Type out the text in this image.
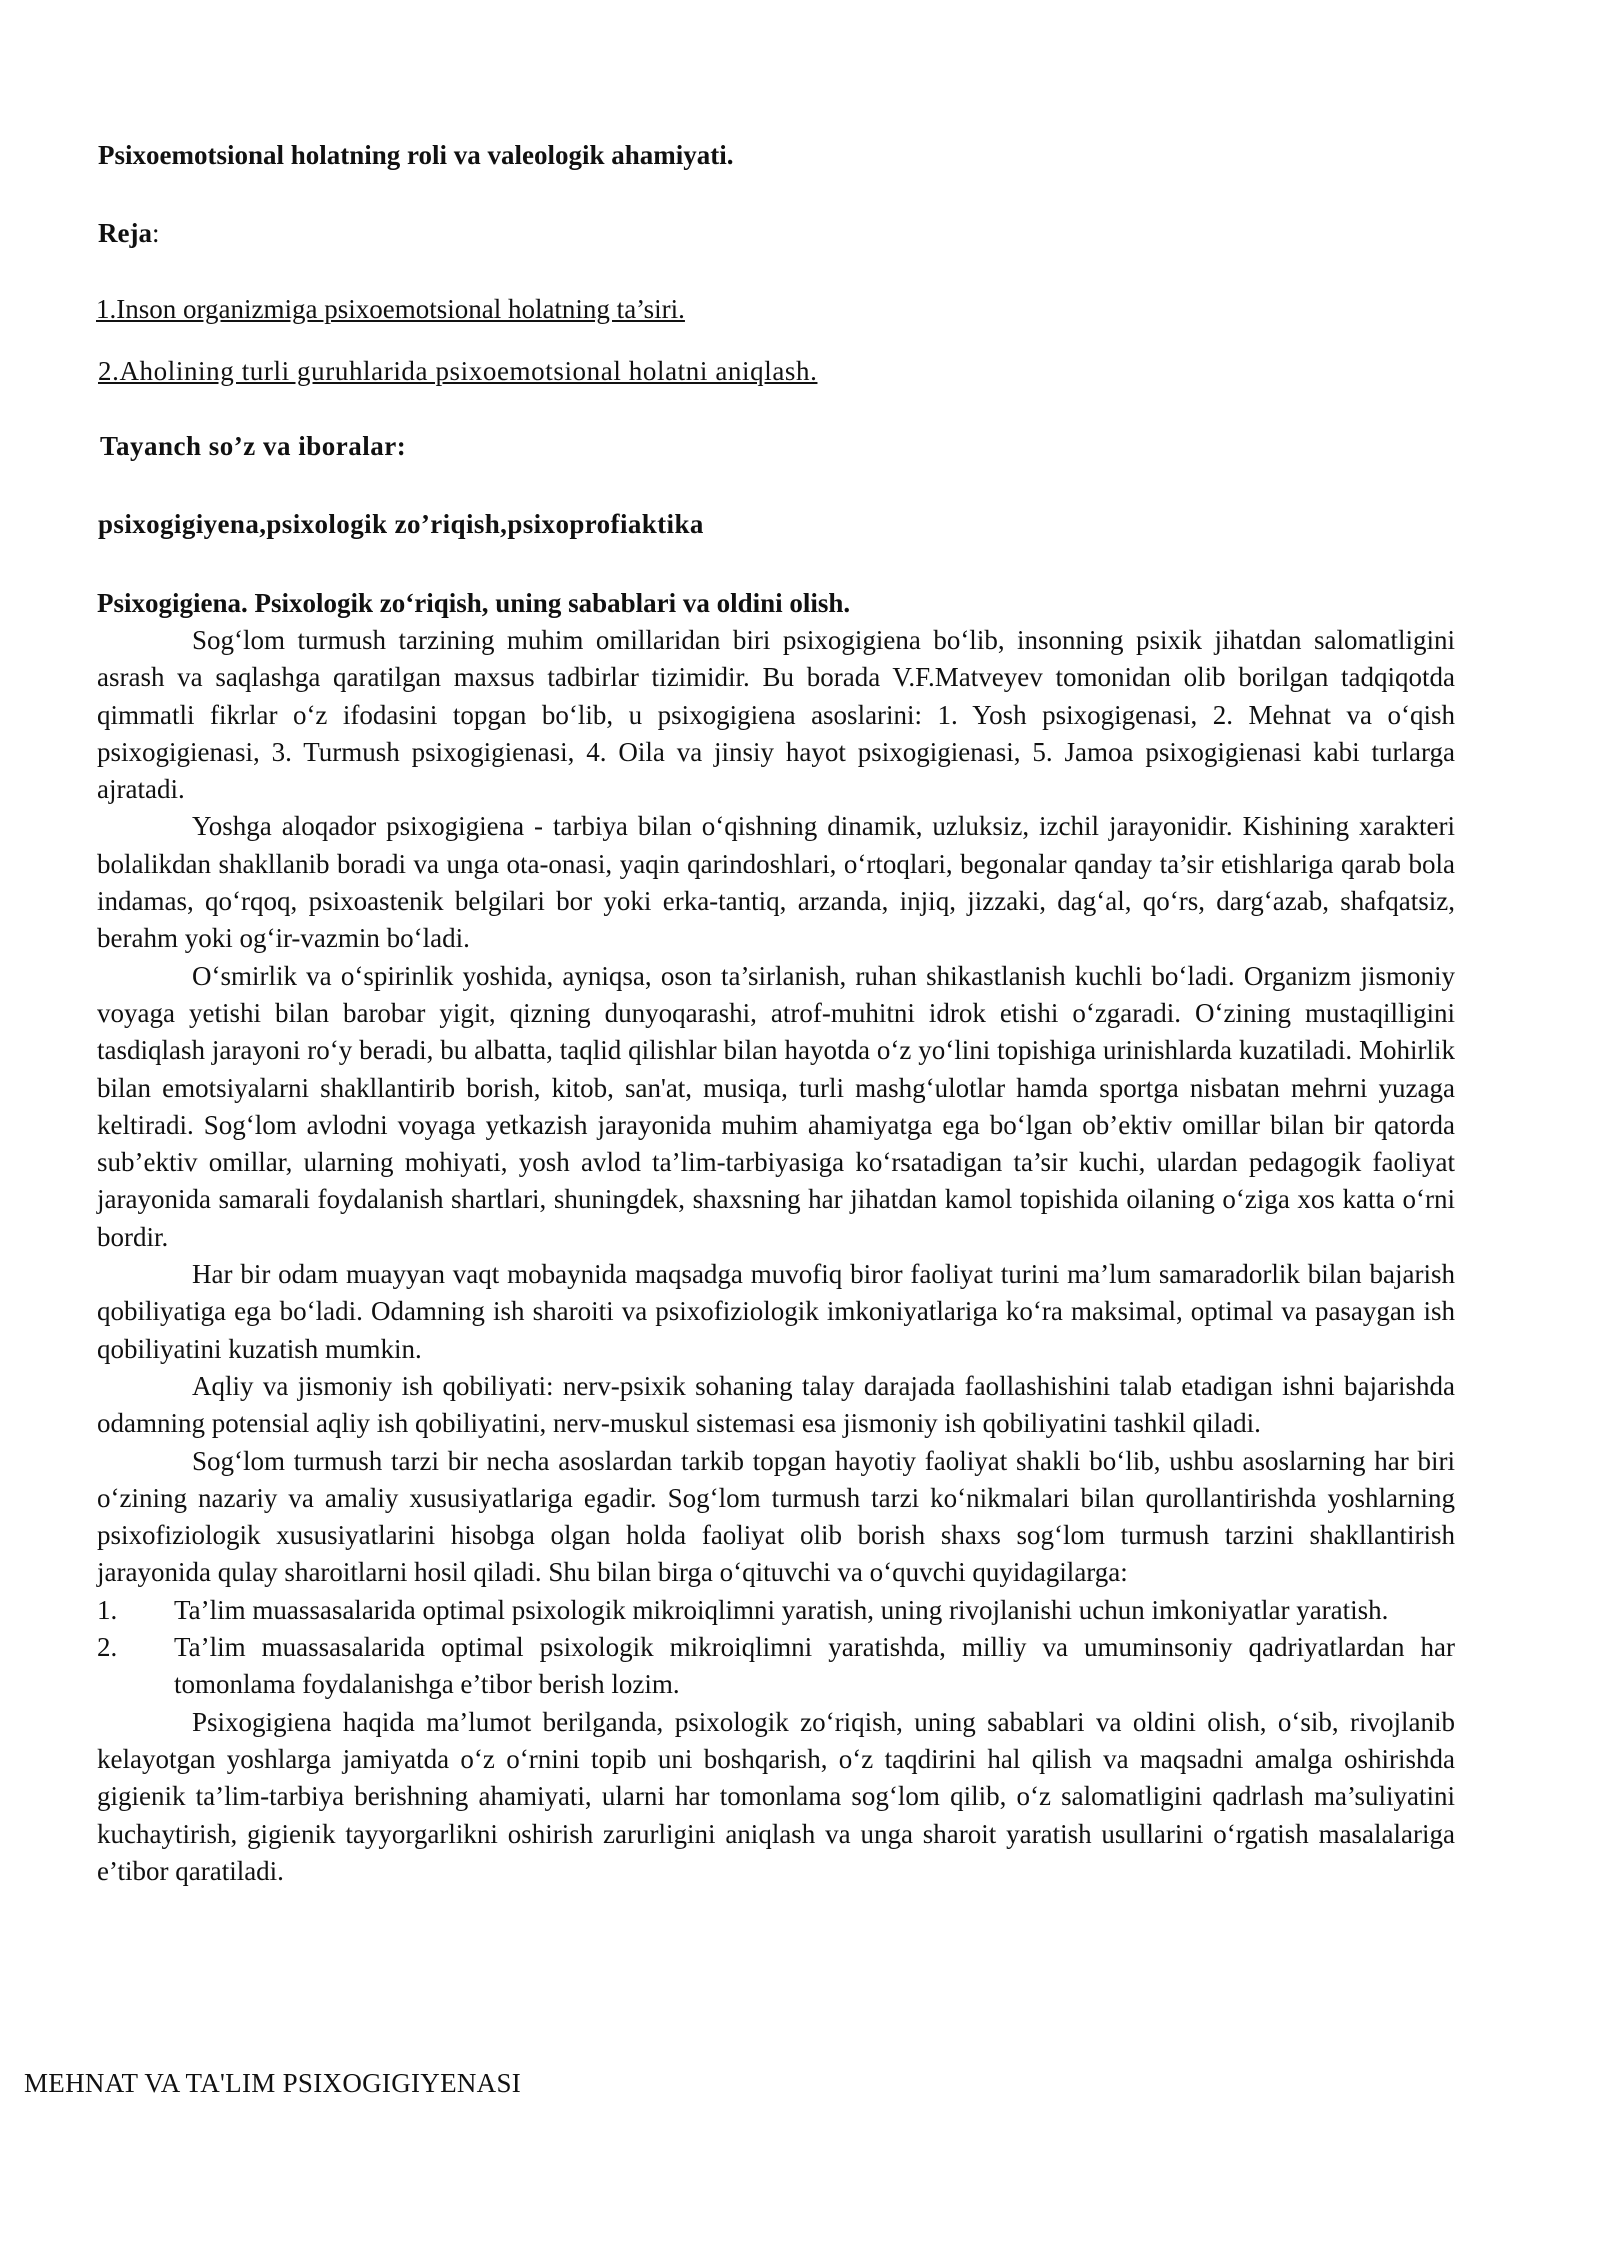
Psixoemotsional holatning roli va valeologik ahamiyati.
Reja:
1.Inson organizmiga psixoemotsional holatning ta’siri.
2.Aholining turli guruhlarida psixoemotsional holatni aniqlash.
Tayanch so’z va iboralar:
psixogigiyena,psixologik zo’riqish,psixoprofiaktika
Psixogigiena. Psixologik zo‘riqish, uning sabablari va oldini olish.

Sog‘lom turmush tarzining muhim omillaridan biri psixogigiena bo‘lib, insonning psixik jihatdan salomatligini asrash va saqlashga qaratilgan maxsus tadbirlar tizimidir. Bu borada V.F.Matveyev tomonidan olib borilgan tadqiqotda qimmatli fikrlar o‘z ifodasini topgan bo‘lib, u psixogigiena asoslarini: 1. Yosh psixogigenasi, 2. Mehnat va o‘qish psixogigienasi, 3. Turmush psixogigienasi, 4. Oila va jinsiy hayot psixogigienasi, 5. Jamoa psixogigienasi kabi turlarga ajratadi.

Yoshga aloqador psixogigiena - tarbiya bilan o‘qishning dinamik, uzluksiz, izchil jarayonidir. Kishining xarakteri bolalikdan shakllanib boradi va unga ota-onasi, yaqin qarindoshlari, o‘rtoqlari, begonalar qanday ta’sir etishlariga qarab bola indamas, qo‘rqoq, psixoastenik belgilari bor yoki erka-tantiq, arzanda, injiq, jizzaki, dag‘al, qo‘rs, darg‘azab, shafqatsiz, berahm yoki og‘ir-vazmin bo‘ladi.

O‘smirlik va o‘spirinlik yoshida, ayniqsa, oson ta’sirlanish, ruhan shikastlanish kuchli bo‘ladi. Organizm jismoniy voyaga yetishi bilan barobar yigit, qizning dunyoqarashi, atrof-muhitni idrok etishi o‘zgaradi. O‘zining mustaqilligini tasdiqlash jarayoni ro‘y beradi, bu albatta, taqlid qilishlar bilan hayotda o‘z yo‘lini topishiga urinishlarda kuzatiladi. Mohirlik bilan emotsiyalarni shakllantirib borish, kitob, san'at, musiqa, turli mashg‘ulotlar hamda sportga nisbatan mehrni yuzaga keltiradi. Sog‘lom avlodni voyaga yetkazish jarayonida muhim ahamiyatga ega bo‘lgan ob’ektiv omillar bilan bir qatorda sub’ektiv omillar, ularning mohiyati, yosh avlod ta’lim-tarbiyasiga ko‘rsatadigan ta’sir kuchi, ulardan pedagogik faoliyat jarayonida samarali foydalanish shartlari, shuningdek, shaxsning har jihatdan kamol topishida oilaning o‘ziga xos katta o‘rni bordir.

Har bir odam muayyan vaqt mobaynida maqsadga muvofiq biror faoliyat turini ma’lum samaradorlik bilan bajarish qobiliyatiga ega bo‘ladi. Odamning ish sharoiti va psixofiziologik imkoniyatlariga ko‘ra maksimal, optimal va pasaygan ish qobiliyatini kuzatish mumkin.

Aqliy va jismoniy ish qobiliyati: nerv-psixik sohaning talay darajada faollashishini talab etadigan ishni bajarishda odamning potensial aqliy ish qobiliyatini, nerv-muskul sistemasi esa jismoniy ish qobiliyatini tashkil qiladi.

Sog‘lom turmush tarzi bir necha asoslardan tarkib topgan hayotiy faoliyat shakli bo‘lib, ushbu asoslarning har biri o‘zining nazariy va amaliy xususiyatlariga egadir. Sog‘lom turmush tarzi ko‘nikmalari bilan qurollantirishda yoshlarning psixofiziologik xususiyatlarini hisobga olgan holda faoliyat olib borish shaxs sog‘lom turmush tarzini shakllantirish jarayonida qulay sharoitlarni hosil qiladi. Shu bilan birga o‘qituvchi va o‘quvchi quyidagilarga:

1. Ta’lim muassasalarida optimal psixologik mikroiqlimni yaratish, uning rivojlanishi uchun imkoniyatlar yaratish.
2. Ta’lim muassasalarida optimal psixologik mikroiqlimni yaratishda, milliy va umuminsoniy qadriyatlardan har tomonlama foydalanishga e’tibor berish lozim.

Psixogigiena haqida ma’lumot berilganda, psixologik zo‘riqish, uning sabablari va oldini olish, o‘sib, rivojlanib kelayotgan yoshlarga jamiyatda o‘z o‘rnini topib uni boshqarish, o‘z taqdirini hal qilish va maqsadni amalga oshirishda gigienik ta’lim-tarbiya berishning ahamiyati, ularni har tomonlama sog‘lom qilib, o‘z salomatligini qadrlash ma’suliyatini kuchaytirish, gigienik tayyorgarlikni oshirish zarurligini aniqlash va unga sharoit yaratish usullarini o‘rgatish masalalariga e’tibor qaratiladi.

MEHNAT VA TA'LIM PSIXOGIGIYENASI
